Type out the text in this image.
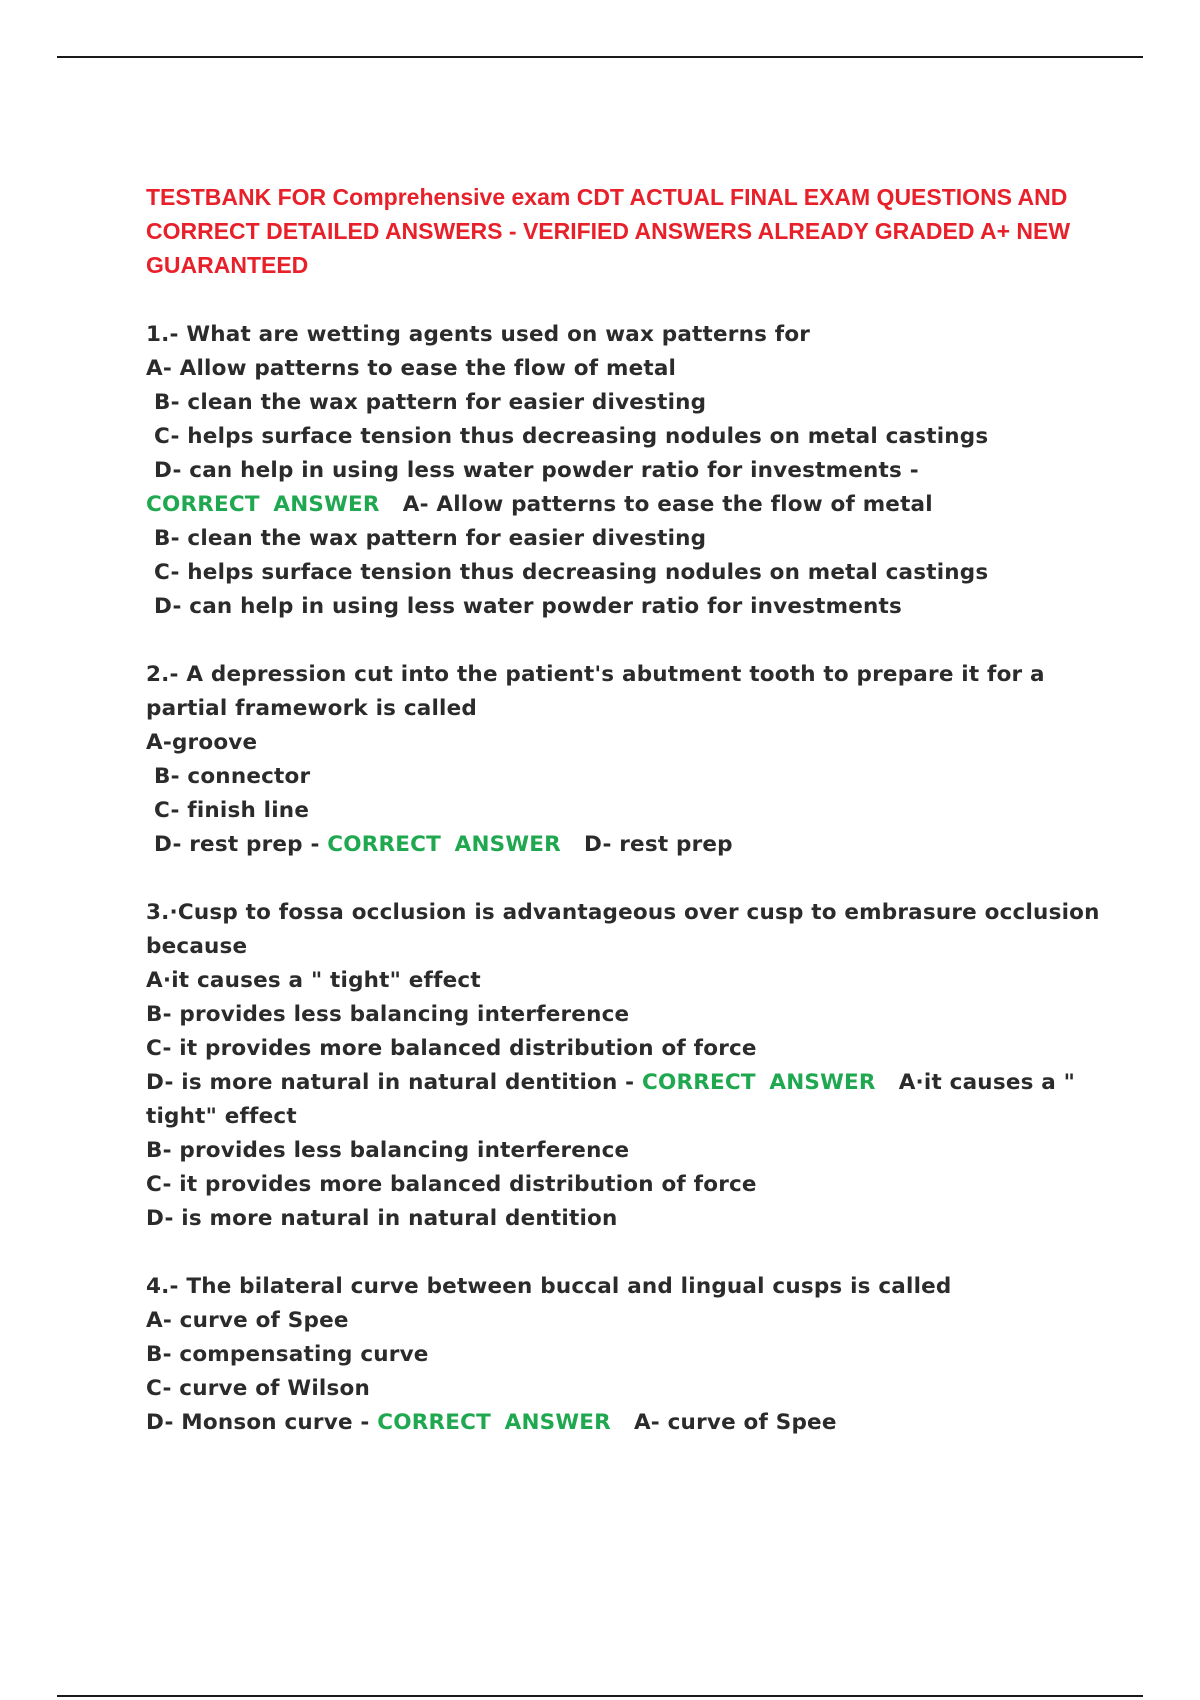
TESTBANK FOR Comprehensive exam CDT ACTUAL FINAL EXAM QUESTIONS AND CORRECT DETAILED ANSWERS - VERIFIED ANSWERS ALREADY GRADED A+ NEW GUARANTEED
1.- What are wetting agents used on wax patterns for
A- Allow patterns to ease the flow of metal
B- clean the wax pattern for easier divesting
C- helps surface tension thus decreasing nodules on metal castings
D- can help in using less water powder ratio for investments -
CORRECT ANSWER A- Allow patterns to ease the flow of metal
B- clean the wax pattern for easier divesting
C- helps surface tension thus decreasing nodules on metal castings
D- can help in using less water powder ratio for investments
2.- A depression cut into the patient's abutment tooth to prepare it for a partial framework is called
A-groove
B- connector
C- finish line
D- rest prep - CORRECT ANSWER D- rest prep
3.·Cusp to fossa occlusion is advantageous over cusp to embrasure occlusion because
A·it causes a " tight" effect
B- provides less balancing interference
C- it provides more balanced distribution of force
D- is more natural in natural dentition - CORRECT ANSWER A·it causes a " tight" effect
B- provides less balancing interference
C- it provides more balanced distribution of force
D- is more natural in natural dentition
4.- The bilateral curve between buccal and lingual cusps is called
A- curve of Spee
B- compensating curve
C- curve of Wilson
D- Monson curve - CORRECT ANSWER A- curve of Spee
